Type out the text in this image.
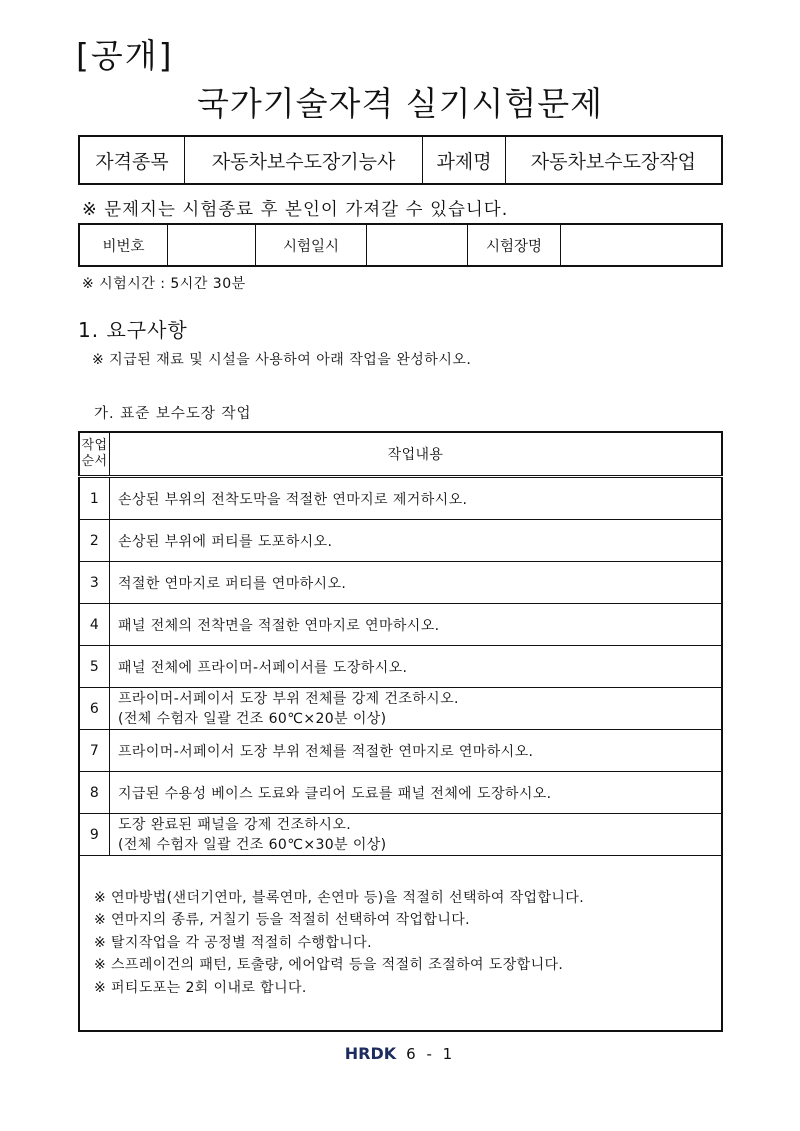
[공개]
국가기술자격 실기시험문제
자격종목	자동차보수도장기능사	과제명	자동차보수도장작업
※ 문제지는 시험종료 후 본인이 가져갈 수 있습니다.
비번호		시험일시		시험장명	
※ 시험시간 : 5시간 30분
1. 요구사항
※ 지급된 재료 및 시설을 사용하여 아래 작업을 완성하시오.
가. 표준 보수도장 작업
작업
순서	작업내용
1	손상된 부위의 전착도막을 적절한 연마지로 제거하시오.

2	손상된 부위에 퍼티를 도포하시오.

3	적절한 연마지로 퍼티를 연마하시오.

4	패널 전체의 전착면을 적절한 연마지로 연마하시오.

5	패널 전체에 프라이머-서페이서를 도장하시오.

6	프라이머-서페이서 도장 부위 전체를 강제 건조하시오.
(전체 수험자 일괄 건조 60℃×20분 이상)

7	프라이머-서페이서 도장 부위 전체를 적절한 연마지로 연마하시오.

8	지급된 수용성 베이스 도료와 클리어 도료를 패널 전체에 도장하시오.

9	도장 완료된 패널을 강제 건조하시오.
(전체 수험자 일괄 건조 60℃×30분 이상)

※ 연마방법(샌더기연마, 블록연마, 손연마 등)을 적절히 선택하여 작업합니다.
※ 연마지의 종류, 거칠기 등을 적절히 선택하여 작업합니다.
※ 탈지작업을 각 공정별 적절히 수행합니다.
※ 스프레이건의 패턴, 토출량, 에어압력 등을 적절히 조절하여 도장합니다.
※ 퍼티도포는 2회 이내로 합니다.	
HRDK 6 - 1
